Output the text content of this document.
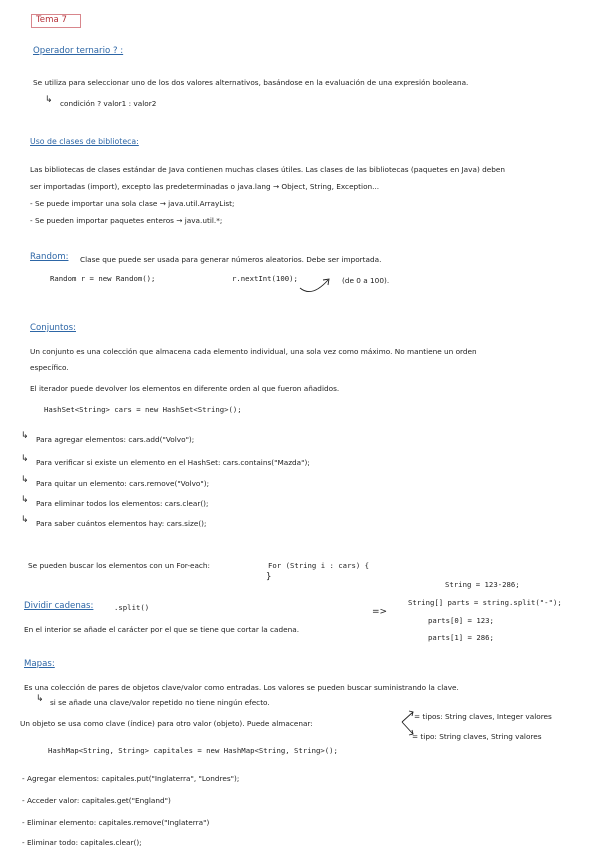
Tema 7
Operador ternario ? :
Se utiliza para seleccionar uno de los dos valores alternativos, basándose en la evaluación de una expresión booleana.
↳ condición ? valor1 : valor2
Uso de clases de biblioteca:
Las bibliotecas de clases estándar de Java contienen muchas clases útiles. Las clases de las bibliotecas (paquetes en Java) deben
ser importadas (import), excepto las predeterminadas o java.lang → Object, String, Exception...
- Se puede importar una sola clase → java.util.ArrayList;
- Se pueden importar paquetes enteros → java.util.*;
Random: Clase que puede ser usada para generar números aleatorios. Debe ser importada.
Random r = new Random();	r.nextInt(100);	(de 0 a 100).
Conjuntos:
Un conjunto es una colección que almacena cada elemento individual, una sola vez como máximo. No mantiene un orden
específico.
El iterador puede devolver los elementos en diferente orden al que fueron añadidos.
HashSet<String> cars = new HashSet<String>();
↳ Para agregar elementos: cars.add("Volvo");
↳ Para verificar si existe un elemento en el HashSet: cars.contains("Mazda");
↳ Para quitar un elemento: cars.remove("Volvo");
↳ Para eliminar todos los elementos: cars.clear();
↳ Para saber cuántos elementos hay: cars.size();
Se pueden buscar los elementos con un For-each:	For (String i : cars) {
}
Dividir cadenas:	.split()
En el interior se añade el carácter por el que se tiene que cortar la cadena.
=>
String = 123-286;
String[] parts = string.split("-");
parts[0] = 123;
parts[1] = 286;
Mapas:
Es una colección de pares de objetos clave/valor como entradas. Los valores se pueden buscar suministrando la clave.
↳ si se añade una clave/valor repetido no tiene ningún efecto.
Un objeto se usa como clave (índice) para otro valor (objeto). Puede almacenar:
= tipos: String claves, Integer valores
= tipo: String claves, String valores
HashMap<String, String> capitales = new HashMap<String, String>();
- Agregar elementos: capitales.put("Inglaterra", "Londres");
- Acceder valor: capitales.get("England")
- Eliminar elemento: capitales.remove("Inglaterra")
- Eliminar todo: capitales.clear();
